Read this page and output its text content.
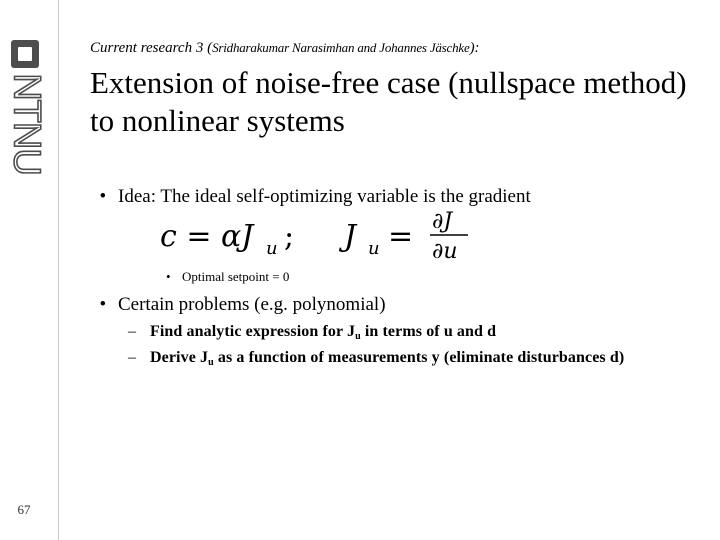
NTNU
67
Current research 3 (Sridharakumar Narasimhan and Johannes Jäschke):
Extension of noise-free case (nullspace method) to nonlinear systems
• Idea: The ideal self-optimizing variable is the gradient
c = αJ u ; J u = ∂J
∂u
• Optimal setpoint = 0
• Certain problems (e.g. polynomial)
– Find analytic expression for $J_u$ in terms of u and d
– Derive $J_u$ as a function of measurements y (eliminate disturbances d)
